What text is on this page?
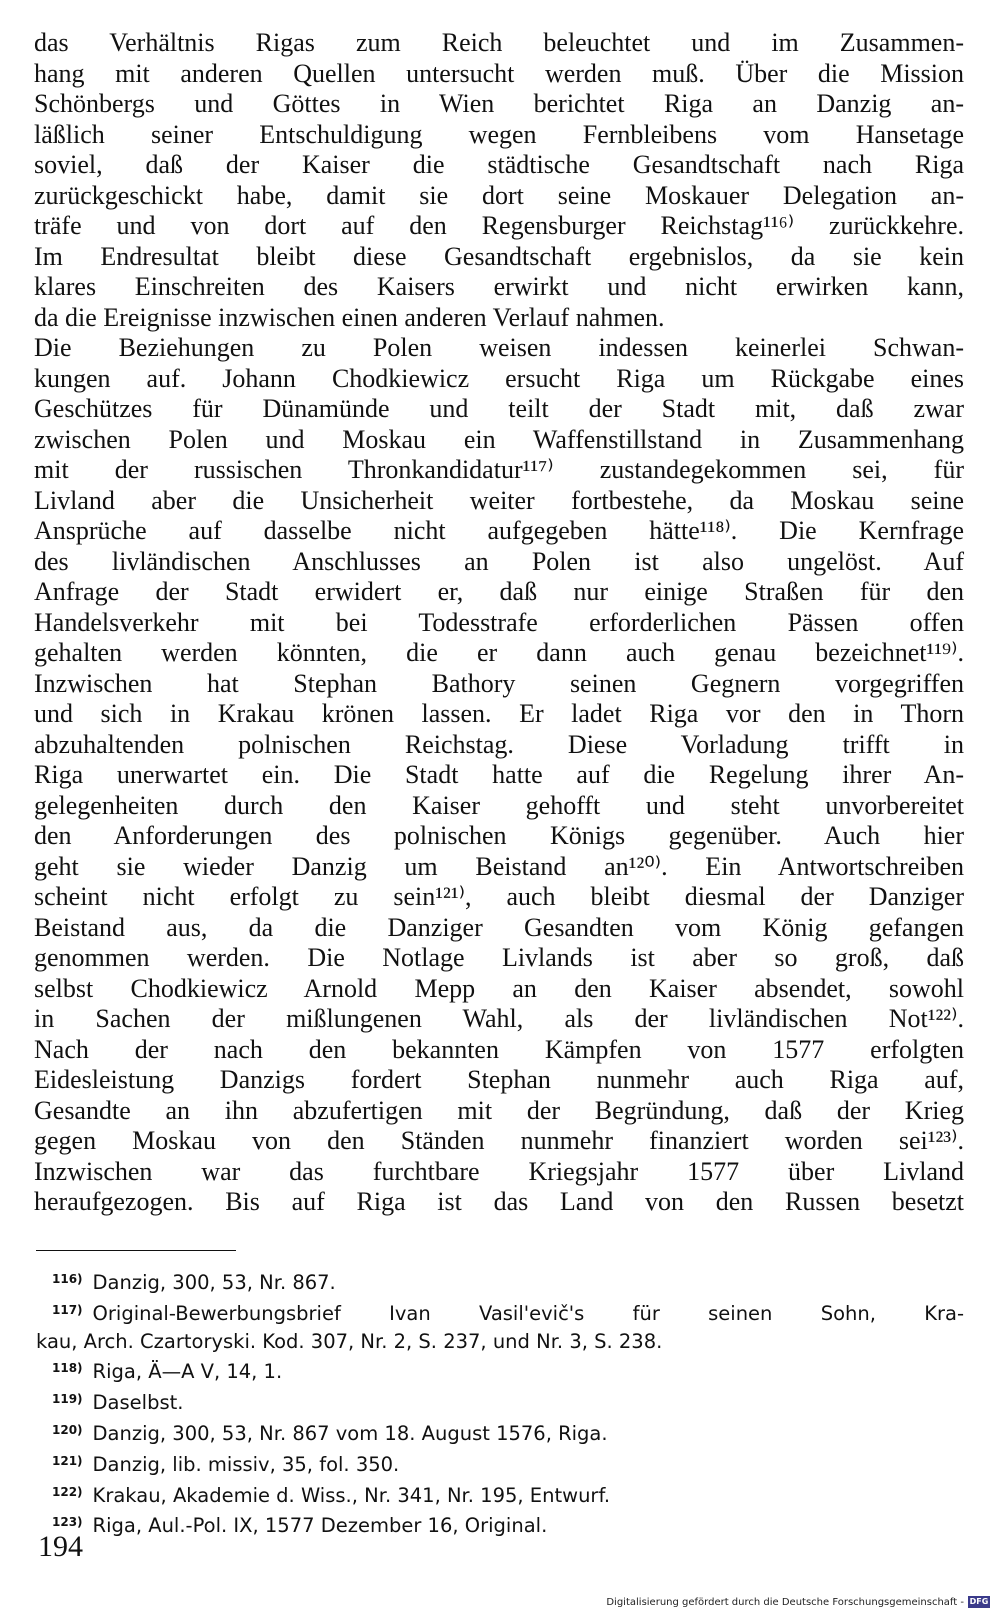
das Verhältnis Rigas zum Reich beleuchtet und im Zusammen-
hang mit anderen Quellen untersucht werden muß. Über die Mission
Schönbergs und Göttes in Wien berichtet Riga an Danzig an-
läßlich seiner Entschuldigung wegen Fernbleibens vom Hansetage
soviel, daß der Kaiser die städtische Gesandtschaft nach Riga
zurückgeschickt habe, damit sie dort seine Moskauer Delegation an-
träfe und von dort auf den Regensburger Reichstag¹¹⁶⁾ zurückkehre.
Im Endresultat bleibt diese Gesandtschaft ergebnislos, da sie kein
klares Einschreiten des Kaisers erwirkt und nicht erwirken kann,
da die Ereignisse inzwischen einen anderen Verlauf nahmen.
Die Beziehungen zu Polen weisen indessen keinerlei Schwan-
kungen auf. Johann Chodkiewicz ersucht Riga um Rückgabe eines
Geschützes für Dünamünde und teilt der Stadt mit, daß zwar
zwischen Polen und Moskau ein Waffenstillstand in Zusammenhang
mit der russischen Thronkandidatur¹¹⁷⁾ zustandegekommen sei, für
Livland aber die Unsicherheit weiter fortbestehe, da Moskau seine
Ansprüche auf dasselbe nicht aufgegeben hätte¹¹⁸⁾. Die Kernfrage
des livländischen Anschlusses an Polen ist also ungelöst. Auf
Anfrage der Stadt erwidert er, daß nur einige Straßen für den
Handelsverkehr mit bei Todesstrafe erforderlichen Pässen offen
gehalten werden könnten, die er dann auch genau bezeichnet¹¹⁹⁾.
Inzwischen hat Stephan Bathory seinen Gegnern vorgegriffen
und sich in Krakau krönen lassen. Er ladet Riga vor den in Thorn
abzuhaltenden polnischen Reichstag. Diese Vorladung trifft in
Riga unerwartet ein. Die Stadt hatte auf die Regelung ihrer An-
gelegenheiten durch den Kaiser gehofft und steht unvorbereitet
den Anforderungen des polnischen Königs gegenüber. Auch hier
geht sie wieder Danzig um Beistand an¹²⁰⁾. Ein Antwortschreiben
scheint nicht erfolgt zu sein¹²¹⁾, auch bleibt diesmal der Danziger
Beistand aus, da die Danziger Gesandten vom König gefangen
genommen werden. Die Notlage Livlands ist aber so groß, daß
selbst Chodkiewicz Arnold Mepp an den Kaiser absendet, sowohl
in Sachen der mißlungenen Wahl, als der livländischen Not¹²²⁾.
Nach der nach den bekannten Kämpfen von 1577 erfolgten
Eidesleistung Danzigs fordert Stephan nunmehr auch Riga auf,
Gesandte an ihn abzufertigen mit der Begründung, daß der Krieg
gegen Moskau von den Ständen nunmehr finanziert worden sei¹²³⁾.
Inzwischen war das furchtbare Kriegsjahr 1577 über Livland
heraufgezogen. Bis auf Riga ist das Land von den Russen besetzt
$^{116)}$ Danzig, 300, 53, Nr. 867.
$^{117)}$ Original-Bewerbungsbrief Ivan Vasil'evič's für seinen Sohn, Kra-
kau, Arch. Czartoryski. Kod. 307, Nr. 2, S. 237, und Nr. 3, S. 238.
$^{118)}$ Riga, Ä—A V, 14, 1.
$^{119)}$ Daselbst.
$^{120)}$ Danzig, 300, 53, Nr. 867 vom 18. August 1576, Riga.
$^{121)}$ Danzig, lib. missiv, 35, fol. 350.
$^{122)}$ Krakau, Akademie d. Wiss., Nr. 341, Nr. 195, Entwurf.
$^{123)}$ Riga, Aul.-Pol. IX, 1577 Dezember 16, Original.
194
Digitalisierung gefördert durch die Deutsche Forschungsgemeinschaft - DFG
